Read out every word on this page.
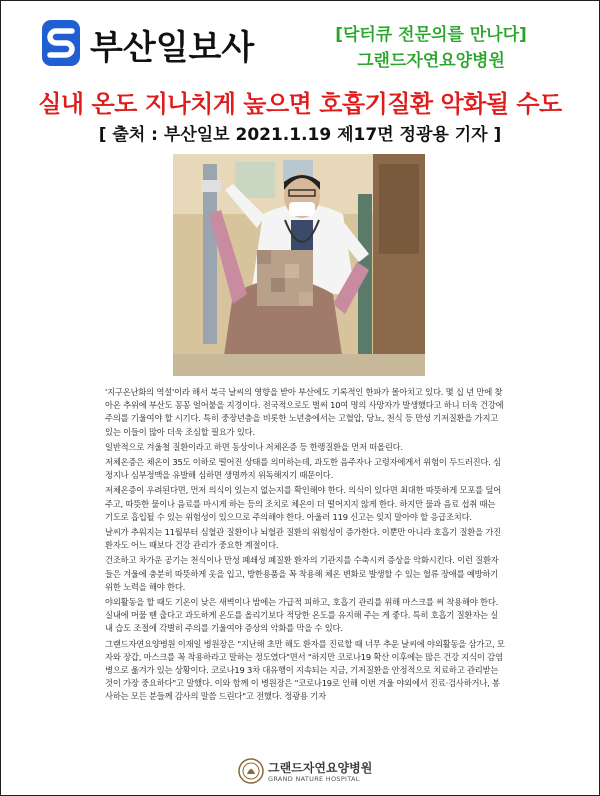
부산일보사	[닥터큐 전문의를 만나다]
그랜드자연요양병원
실내 온도 지나치게 높으면 호흡기질환 악화될 수도
[ 출처 : 부산일보 2021.1.19 제17면 정광용 기자 ]

'지구온난화의 역설'이라 해서 북극 날씨의 영향을 받아 부산에도 기록적인 한파가 몰아치고 있다. 몇 십 년 만에 찾아온 추위에 부산도 꽁꽁 얼어붙을 지경이다. 전국적으로도 벌써 10여 명의 사망자가 발생했다고 하니 더욱 건강에 주의를 기울여야 할 시기다. 특히 중장년층을 비롯한 노년층에서는 고혈압, 당뇨, 천식 등 만성 기저질환을 가지고 있는 이들이 많아 더욱 조심할 필요가 있다.

일반적으로 겨울철 질환이라고 하면 동상이나 저체온증 등 한랭질환을 먼저 떠올린다.

저체온증은 체온이 35도 이하로 떨어진 상태를 의미하는데, 과도한 음주자나 고령자에게서 위험이 두드러진다. 심정지나 심부정맥을 유발해 심하면 생명까지 위독해지기 때문이다.

저체온증이 우려된다면, 먼저 의식이 있는지 없는지를 확인해야 한다. 의식이 있다면 최대한 따뜻하게 모포를 덮어 주고, 따뜻한 물이나 음료를 마시게 하는 등의 조치로 체온이 더 떨어지지 않게 한다. 하지만 물과 음료 섭취 때는 기도로 흡입될 수 있는 위험성이 있으므로 주의해야 한다. 아울러 119 신고는 잊지 말아야 할 응급조치다.

날씨가 추워지는 11월부터 심혈관 질환이나 뇌혈관 질환의 위험성이 증가한다. 이뿐만 아니라 호흡기 질환을 가진 환자도 어느 때보다 건강 관리가 중요한 계절이다.

건조하고 차가운 공기는 천식이나 만성 폐쇄성 폐질환 환자의 기관지를 수축시켜 증상을 악화시킨다. 이런 질환자들은 겨울에 충분히 따뜻하게 옷을 입고, 방한용품을 꼭 착용해 체온 변화로 발생할 수 있는 혈류 장애를 예방하기 위한 노력을 해야 한다.

야외활동을 할 때도 기온이 낮은 새벽이나 밤에는 가급적 피하고, 호흡기 관리를 위해 마스크를 써 착용해야 한다. 실내에 머물 땐 춥다고 과도하게 온도를 올리기보다 적당한 온도를 유지해 주는 게 좋다. 특히 호흡기 질환자는 실내 습도 조절에 각별히 주의를 기울여야 증상의 악화를 막을 수 있다.

그랜드자연요양병원 이재일 병원장은 "지난해 초만 해도 환자를 진료할 때 너무 추운 날씨에 야외활동을 삼가고, 모자와 장갑, 마스크를 꼭 착용하라고 말하는 정도였다"면서 "하지만 코로나19 확산 이후에는 많은 건강 지식이 감염병으로 옮겨가 있는 상황이다. 코로나19 3차 대유행이 지속되는 지금, 기저질환을 안정적으로 치료하고 관리받는 것이 가장 중요하다"고 말했다. 이와 함께 이 병원장은 "코로나19로 인해 이번 겨울 야외에서 진료·검사하거나, 봉사하는 모든 분들께 감사의 말씀 드린다"고 전했다. 정광용 기자

그랜드자연요양병원
GRAND NATURE HOSPITAL
